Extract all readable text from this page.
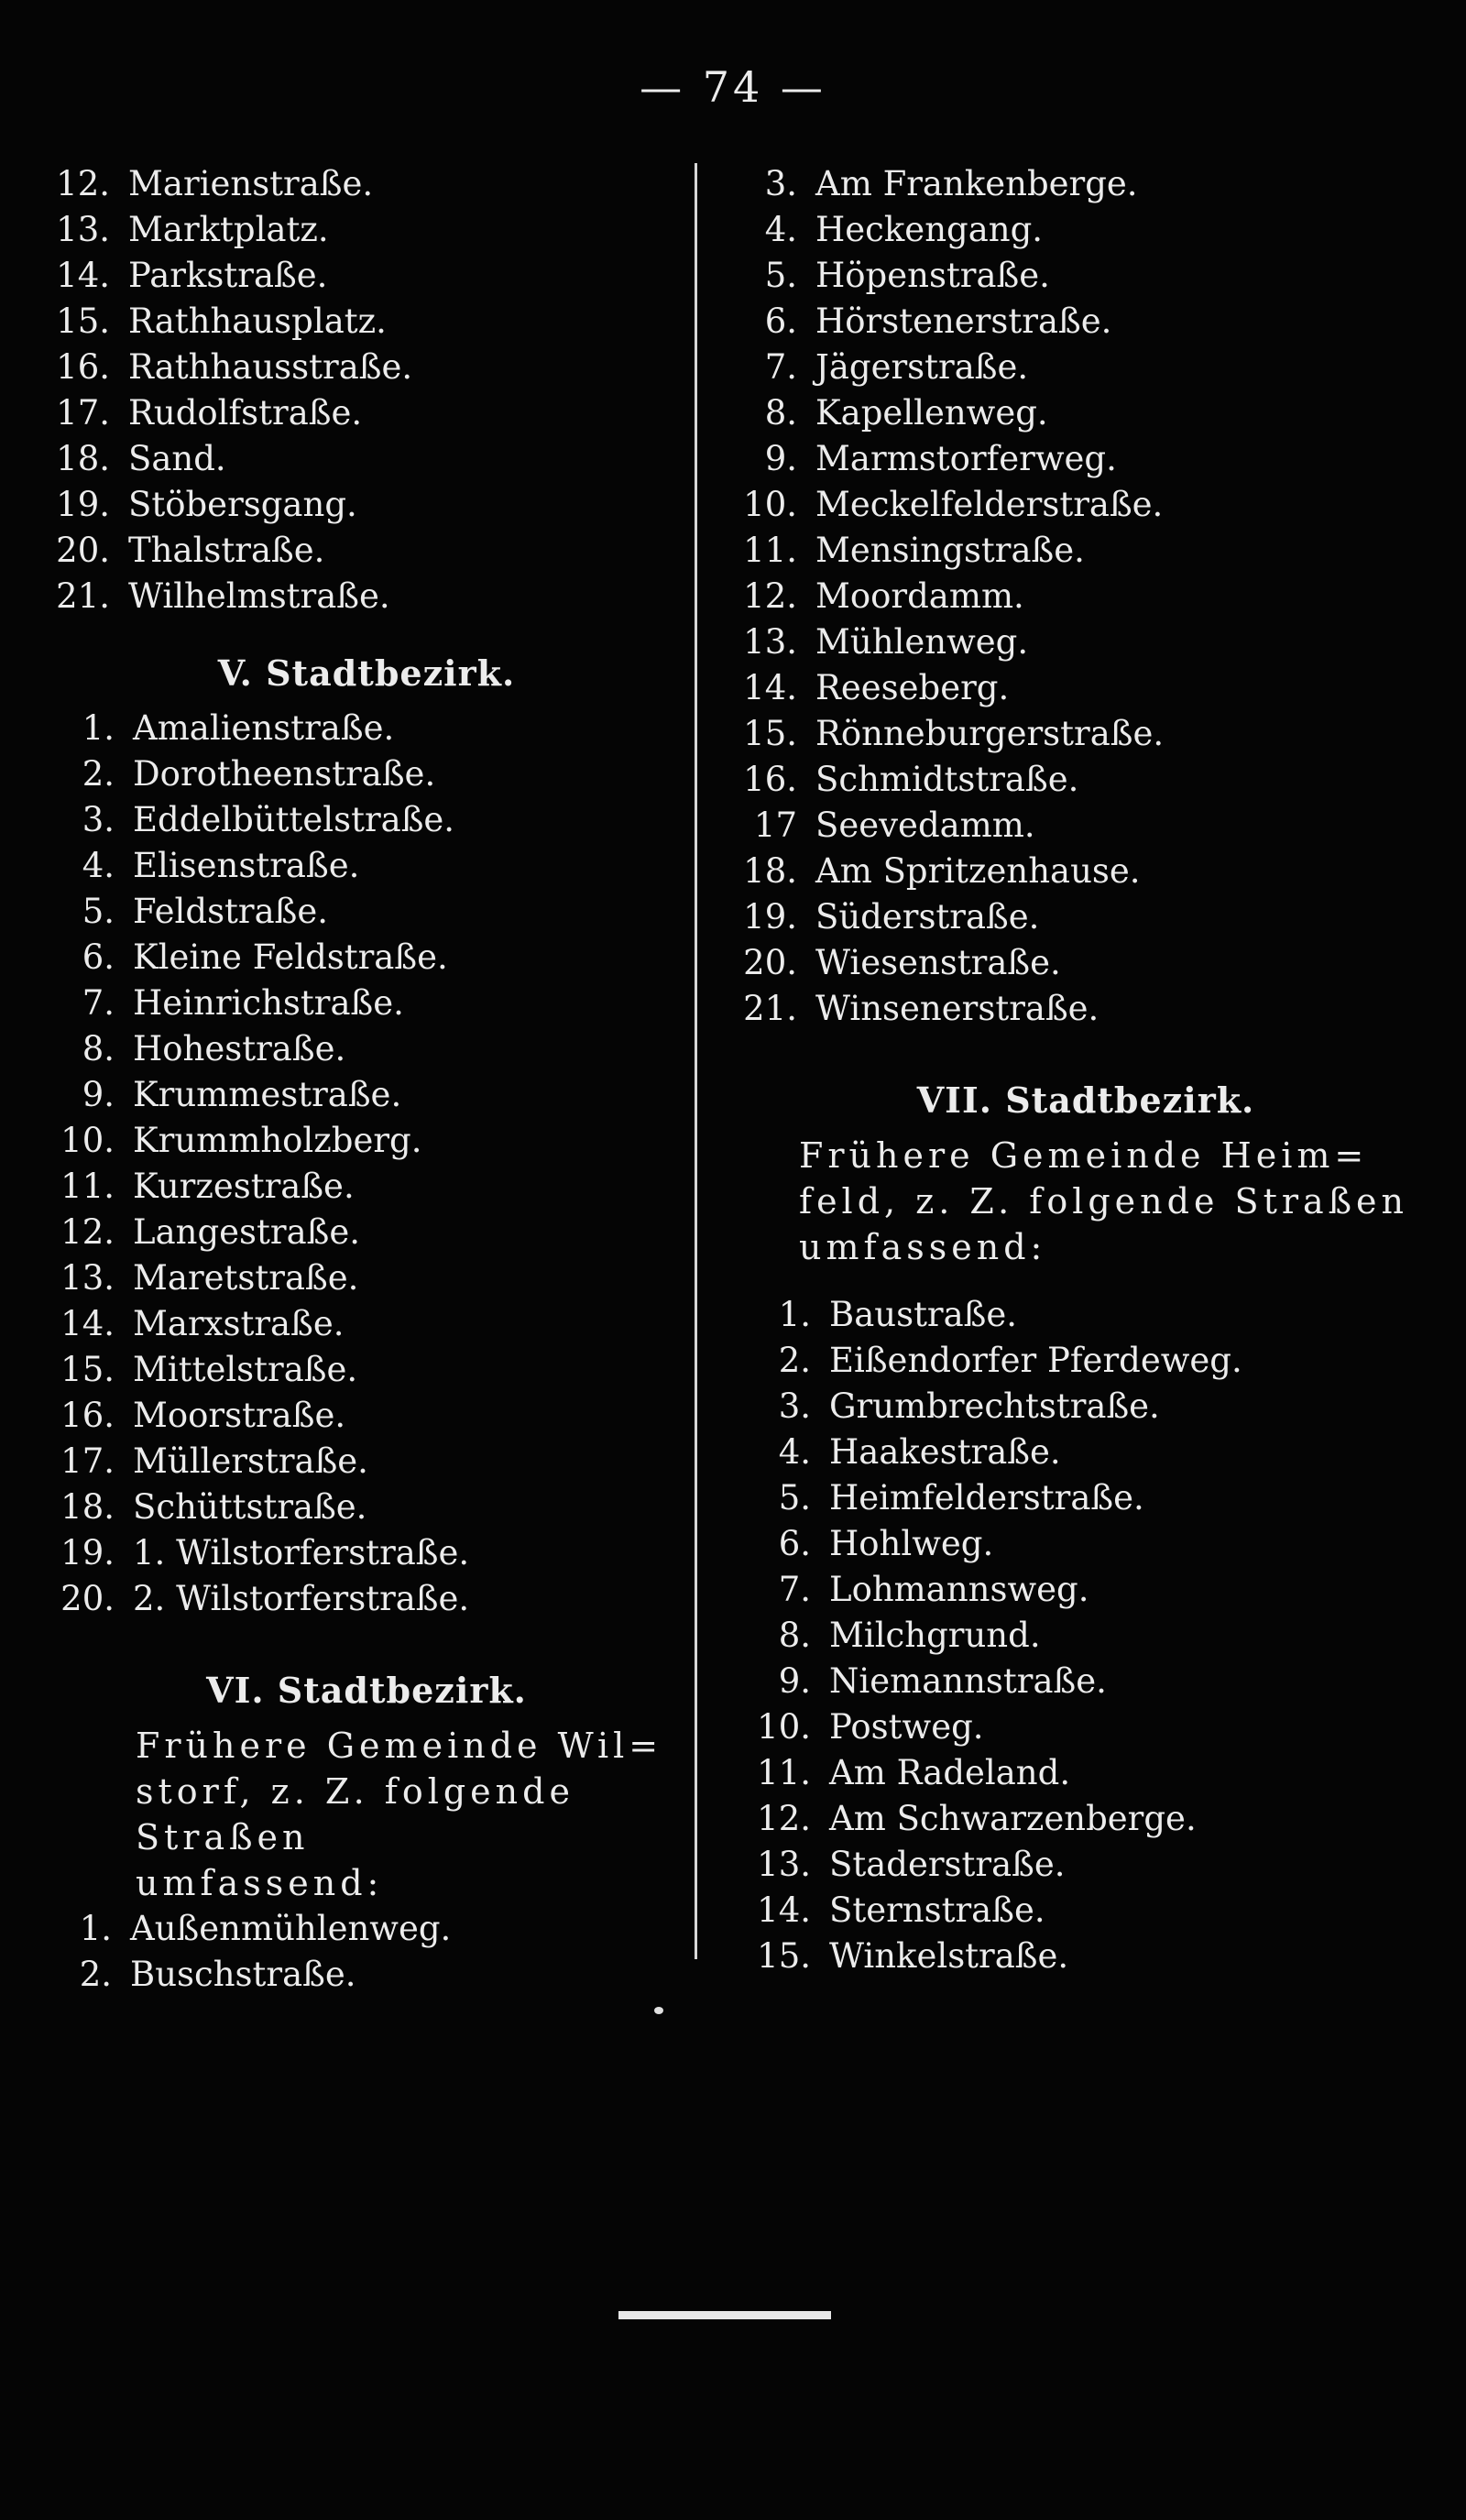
— 74 —
12. Marienstraße.
13. Marktplatz.
14. Parkstraße.
15. Rathhausplatz.
16. Rathhausstraße.
17. Rudolfstraße.
18. Sand.
19. Stöbersgang.
20. Thalstraße.
21. Wilhelmstraße.
V. Stadtbezirk.
1. Amalienstraße.
2. Dorotheenstraße.
3. Eddelbüttelstraße.
4. Elisenstraße.
5. Feldstraße.
6. Kleine Feldstraße.
7. Heinrichstraße.
8. Hohestraße.
9. Krummestraße.
10. Krummholzberg.
11. Kurzestraße.
12. Langestraße.
13. Maretstraße.
14. Marxstraße.
15. Mittelstraße.
16. Moorstraße.
17. Müllerstraße.
18. Schüttstraße.
19. 1. Wilstorferstraße.
20. 2. Wilstorferstraße.
VI. Stadtbezirk.
Frühere Gemeinde Wil=
storf, z. Z. folgende Straßen
umfassend:
1. Außenmühlenweg.
2. Buschstraße.
3. Am Frankenberge.
4. Heckengang.
5. Höpenstraße.
6. Hörstenerstraße.
7. Jägerstraße.
8. Kapellenweg.
9. Marmstorferweg.
10. Meckelfelderstraße.
11. Mensingstraße.
12. Moordamm.
13. Mühlenweg.
14. Reeseberg.
15. Rönneburgerstraße.
16. Schmidtstraße.
17 Seevedamm.
18. Am Spritzenhause.
19. Süderstraße.
20. Wiesenstraße.
21. Winsenerstraße.
VII. Stadtbezirk.
Frühere Gemeinde Heim=
feld, z. Z. folgende Straßen
umfassend:
1. Baustraße.
2. Eißendorfer Pferdeweg.
3. Grumbrechtstraße.
4. Haakestraße.
5. Heimfelderstraße.
6. Hohlweg.
7. Lohmannsweg.
8. Milchgrund.
9. Niemannstraße.
10. Postweg.
11. Am Radeland.
12. Am Schwarzenberge.
13. Staderstraße.
14. Sternstraße.
15. Winkelstraße.
